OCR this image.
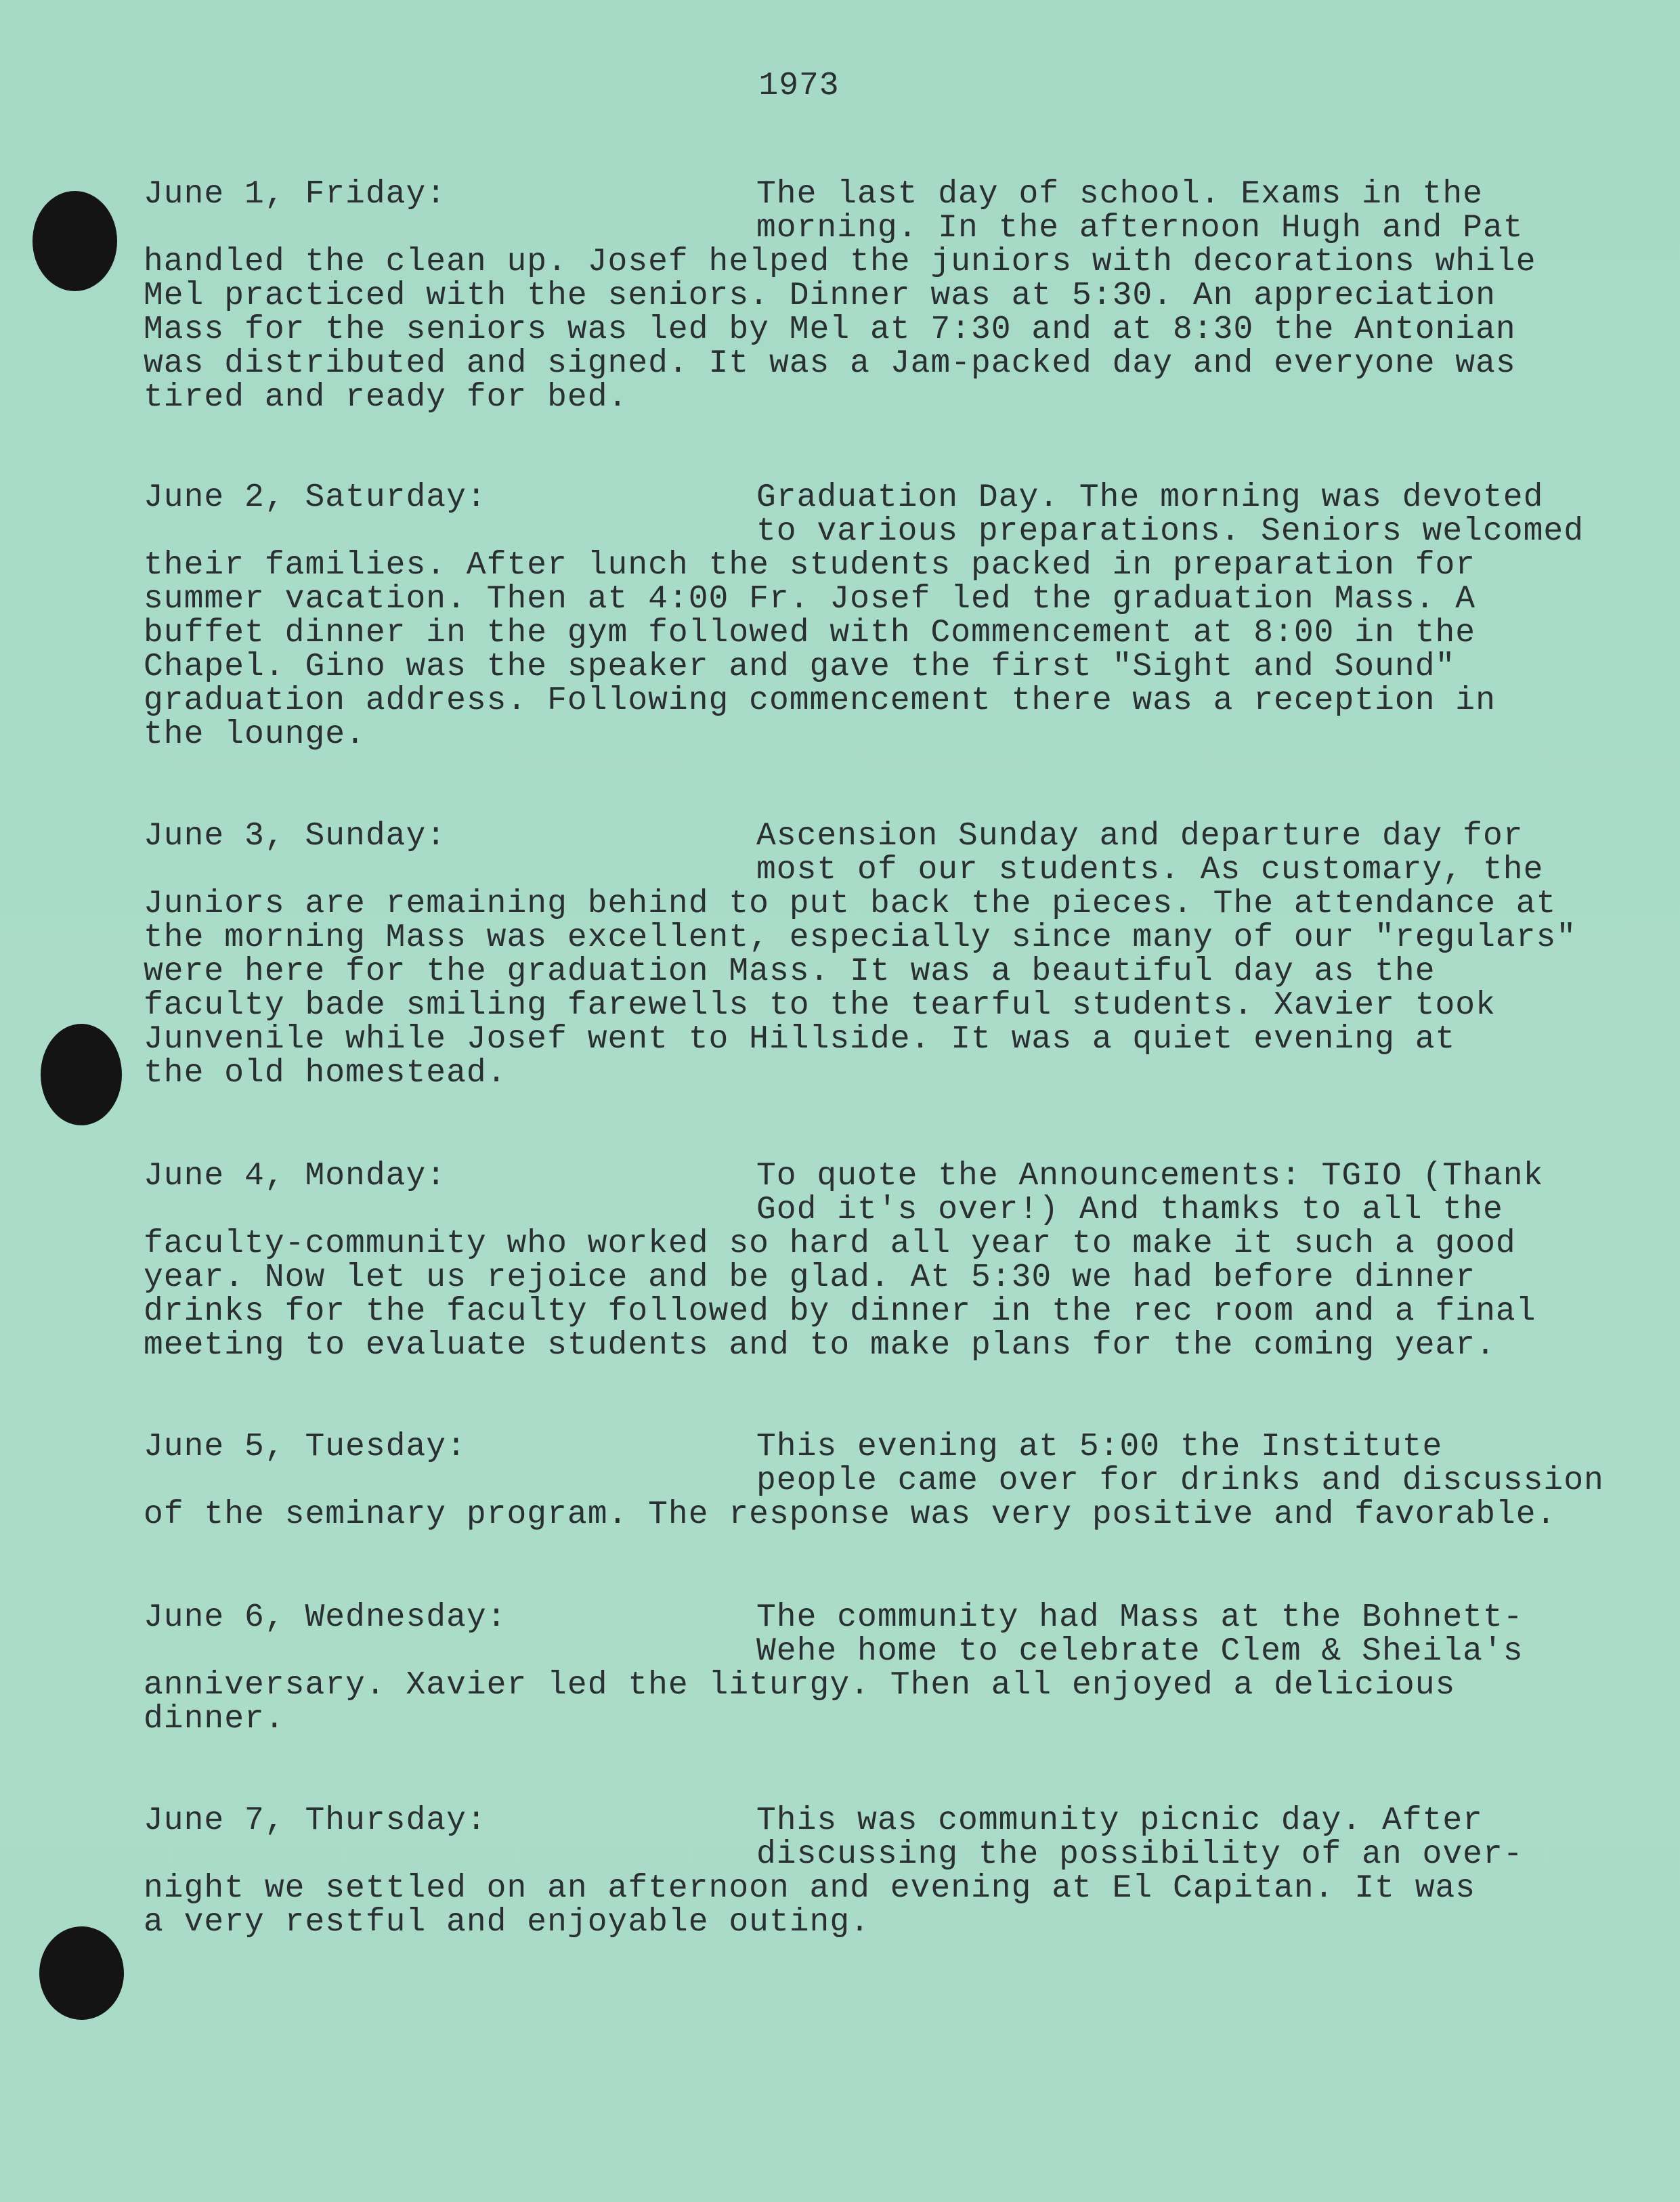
1973
June 1, Friday:	The last day of school. Exams in the
morning. In the afternoon Hugh and Pat
handled the clean up. Josef helped the juniors with decorations while
Mel practiced with the seniors. Dinner was at 5:30. An appreciation
Mass for the seniors was led by Mel at 7:30 and at 8:30 the Antonian
was distributed and signed. It was a Jam-packed day and everyone was
tired and ready for bed.
June 2, Saturday:	Graduation Day. The morning was devoted
to various preparations. Seniors welcomed
their families. After lunch the students packed in preparation for
summer vacation. Then at 4:00 Fr. Josef led the graduation Mass. A
buffet dinner in the gym followed with Commencement at 8:00 in the
Chapel. Gino was the speaker and gave the first "Sight and Sound"
graduation address. Following commencement there was a reception in
the lounge.
June 3, Sunday:	Ascension Sunday and departure day for
most of our students. As customary, the
Juniors are remaining behind to put back the pieces. The attendance at
the morning Mass was excellent, especially since many of our "regulars"
were here for the graduation Mass. It was a beautiful day as the
faculty bade smiling farewells to the tearful students. Xavier took
Junvenile while Josef went to Hillside. It was a quiet evening at
the old homestead.
June 4, Monday:	To quote the Announcements: TGIO (Thank
God it's over!) And thamks to all the
faculty-community who worked so hard all year to make it such a good
year. Now let us rejoice and be glad. At 5:30 we had before dinner
drinks for the faculty followed by dinner in the rec room and a final
meeting to evaluate students and to make plans for the coming year.
June 5, Tuesday:	This evening at 5:00 the Institute
people came over for drinks and discussion
of the seminary program. The response was very positive and favorable.
June 6, Wednesday:	The community had Mass at the Bohnett-
Wehe home to celebrate Clem & Sheila's
anniversary. Xavier led the liturgy. Then all enjoyed a delicious
dinner.
June 7, Thursday:	This was community picnic day. After
discussing the possibility of an over-
night we settled on an afternoon and evening at El Capitan. It was
a very restful and enjoyable outing.
